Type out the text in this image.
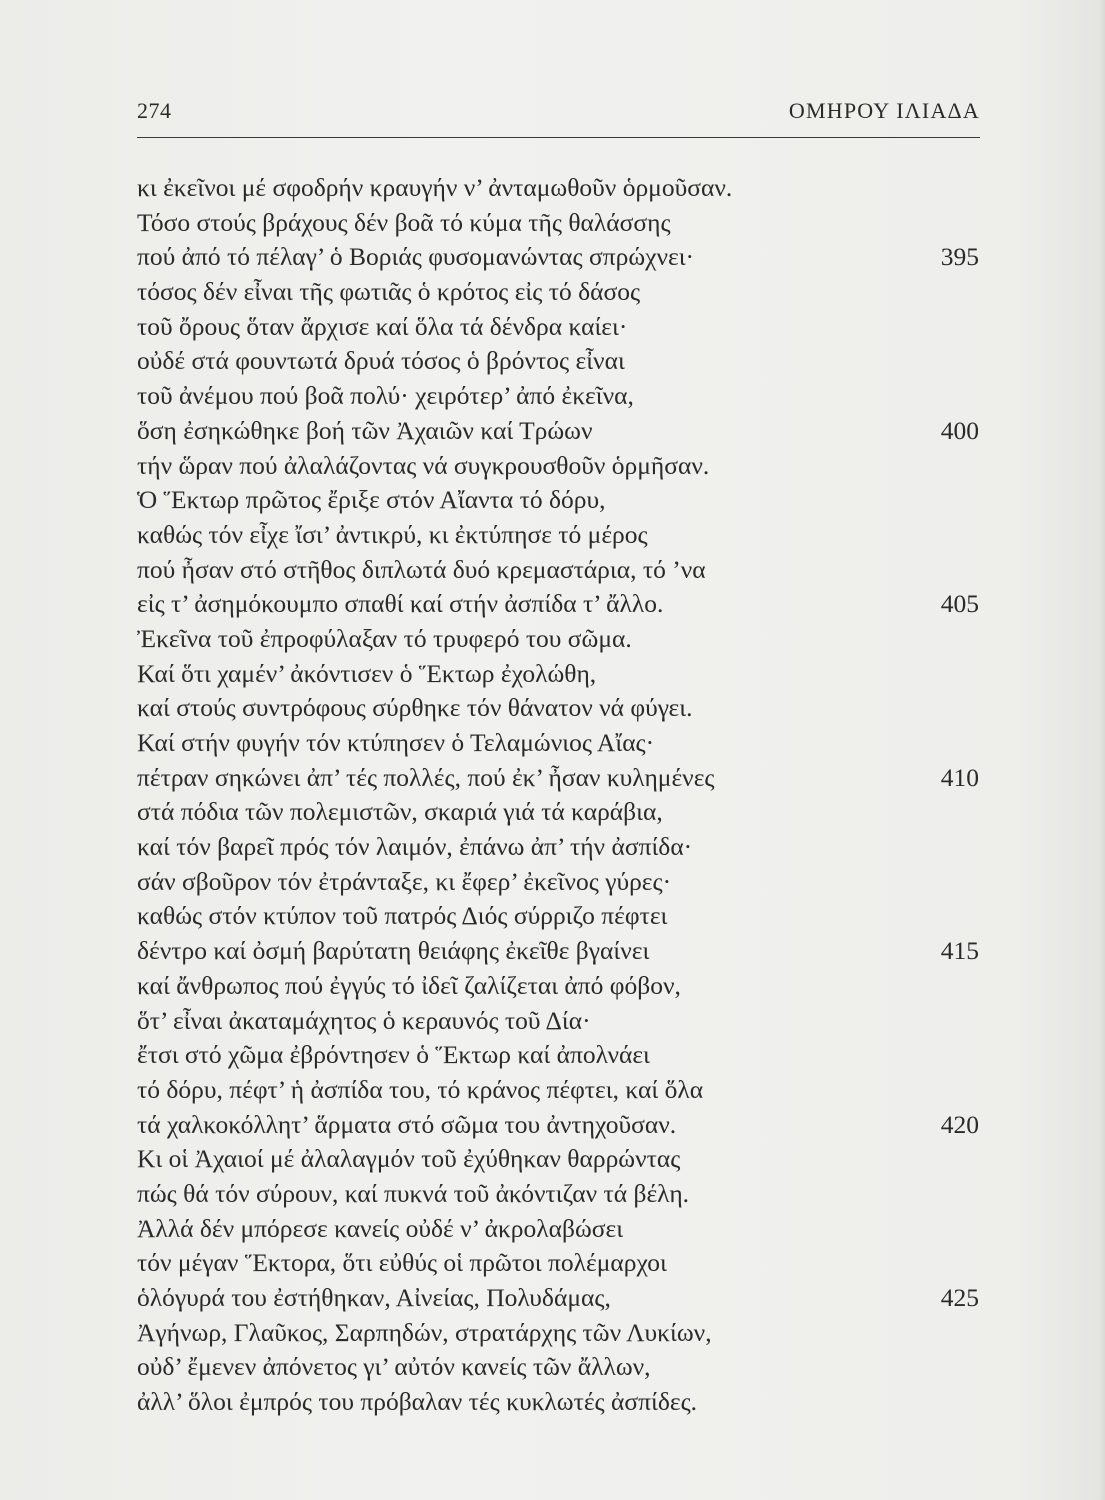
274	ΟΜΗΡΟΥ ΙΛΙΑΔΑ
κι ἐκεῖνοι μέ σφοδρήν κραυγήν ν’ ἀνταμωθοῦν ὁρμοῦσαν.
Τόσο στούς βράχους δέν βοᾶ τό κύμα τῆς θαλάσσης
πού ἀπό τό πέλαγ’ ὁ Βοριάς φυσομανώντας σπρώχνει·	395
τόσος δέν εἶναι τῆς φωτιᾶς ὁ κρότος εἰς τό δάσος
τοῦ ὄρους ὅταν ἄρχισε καί ὅλα τά δένδρα καίει·
οὐδέ στά φουντωτά δρυά τόσος ὁ βρόντος εἶναι
τοῦ ἀνέμου πού βοᾶ πολύ· χειρότερ’ ἀπό ἐκεῖνα,
ὅση ἐσηκώθηκε βοή τῶν Ἀχαιῶν καί Τρώων	400
τήν ὥραν πού ἀλαλάζοντας νά συγκρουσθοῦν ὁρμῆσαν.
Ὁ Ἕκτωρ πρῶτος ἔριξε στόν Αἴαντα τό δόρυ,
καθώς τόν εἶχε ἴσι’ ἀντικρύ, κι ἐκτύπησε τό μέρος
πού ἦσαν στό στῆθος διπλωτά δυό κρεμαστάρια, τό ’να
εἰς τ’ ἀσημόκουμπο σπαθί καί στήν ἀσπίδα τ’ ἄλλο.	405
Ἐκεῖνα τοῦ ἐπροφύλαξαν τό τρυφερό του σῶμα.
Καί ὅτι χαμέν’ ἀκόντισεν ὁ Ἕκτωρ ἐχολώθη,
καί στούς συντρόφους σύρθηκε τόν θάνατον νά φύγει.
Καί στήν φυγήν τόν κτύπησεν ὁ Τελαμώνιος Αἴας·
πέτραν σηκώνει ἀπ’ τές πολλές, πού ἐκ’ ἦσαν κυλημένες	410
στά πόδια τῶν πολεμιστῶν, σκαριά γιά τά καράβια,
καί τόν βαρεῖ πρός τόν λαιμόν, ἐπάνω ἀπ’ τήν ἀσπίδα·
σάν σβοῦρον τόν ἐτράνταξε, κι ἔφερ’ ἐκεῖνος γύρες·
καθώς στόν κτύπον τοῦ πατρός Διός σύρριζο πέφτει
δέντρο καί ὀσμή βαρύτατη θειάφης ἐκεῖθε βγαίνει	415
καί ἄνθρωπος πού ἐγγύς τό ἰδεῖ ζαλίζεται ἀπό φόβον,
ὅτ’ εἶναι ἀκαταμάχητος ὁ κεραυνός τοῦ Δία·
ἔτσι στό χῶμα ἐβρόντησεν ὁ Ἕκτωρ καί ἀπολνάει
τό δόρυ, πέφτ’ ἡ ἀσπίδα του, τό κράνος πέφτει, καί ὅλα
τά χαλκοκόλλητ’ ἅρματα στό σῶμα του ἀντηχοῦσαν.	420
Κι οἱ Ἀχαιοί μέ ἀλαλαγμόν τοῦ ἐχύθηκαν θαρρώντας
πώς θά τόν σύρουν, καί πυκνά τοῦ ἀκόντιζαν τά βέλη.
Ἀλλά δέν μπόρεσε κανείς οὐδέ ν’ ἀκρολαβώσει
τόν μέγαν Ἕκτορα, ὅτι εὐθύς οἱ πρῶτοι πολέμαρχοι
ὁλόγυρά του ἐστήθηκαν, Αἰνείας, Πολυδάμας,	425
Ἀγήνωρ, Γλαῦκος, Σαρπηδών, στρατάρχης τῶν Λυκίων,
οὐδ’ ἔμενεν ἀπόνετος γι’ αὐτόν κανείς τῶν ἄλλων,
ἀλλ’ ὅλοι ἐμπρός του πρόβαλαν τές κυκλωτές ἀσπίδες.
